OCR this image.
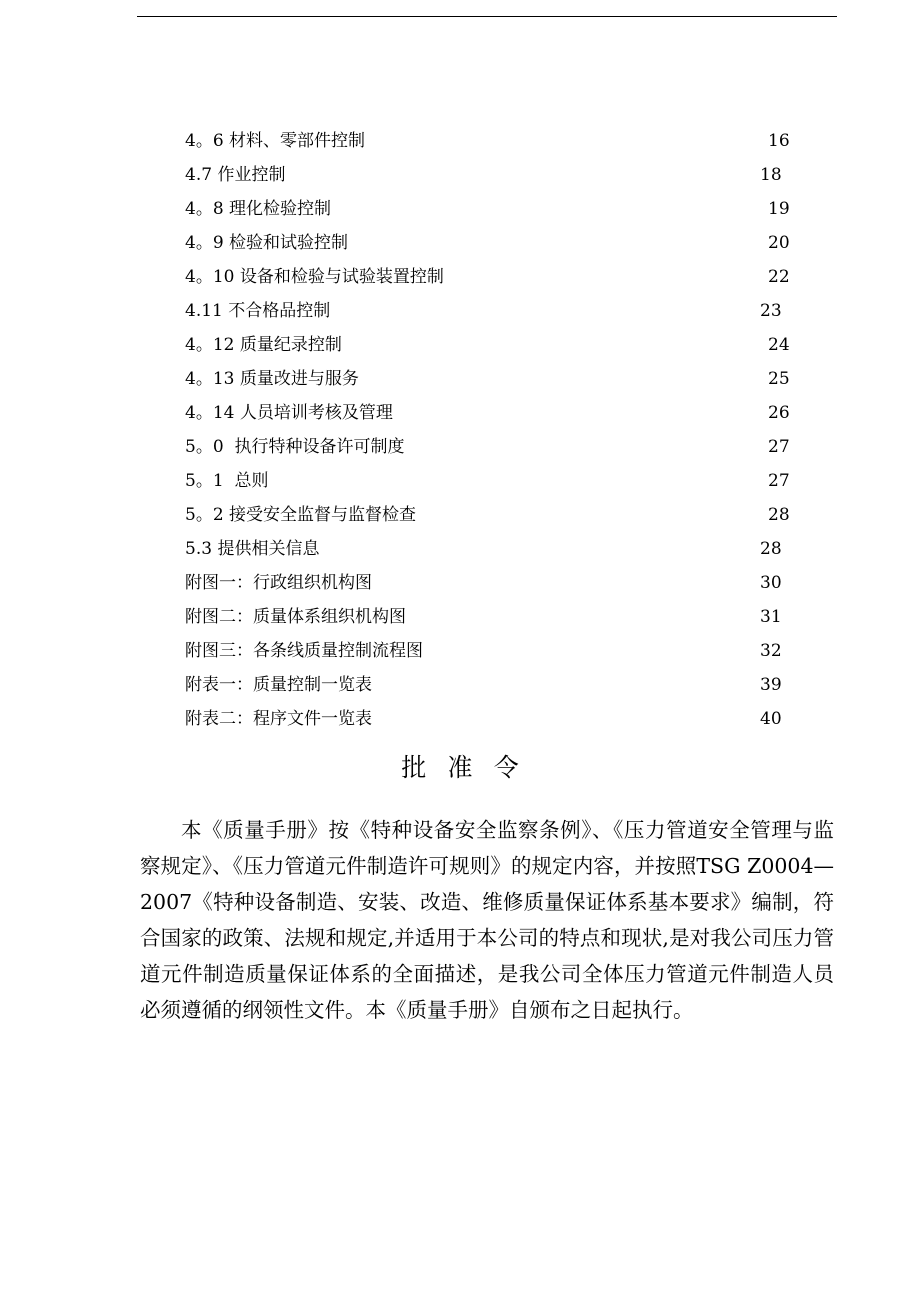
4。6 材料、零部件控制	16
4.7 作业控制	18
4。8 理化检验控制	19
4。9 检验和试验控制	20
4。10 设备和检验与试验装置控制	22
4.11 不合格品控制	23
4。12 质量纪录控制	24
4。13 质量改进与服务	25
4。14 人员培训考核及管理	26
5。0  执行特种设备许可制度	27
5。1  总则	27
5。2 接受安全监督与监督检查	28
5.3 提供相关信息	28
附图一：行政组织机构图	30
附图二：质量体系组织机构图	31
附图三：各条线质量控制流程图	32
附表一：质量控制一览表	39
附表二：程序文件一览表	40
批准令

本《质量手册》按《特种设备安全监察条例》、《压力管道安全管理与监察规定》、《压力管道元件制造许可规则》的规定内容，并按照TSG Z0004—2007《特种设备制造、安装、改造、维修质量保证体系基本要求》编制，符合国家的政策、法规和规定,并适用于本公司的特点和现状,是对我公司压力管道元件制造质量保证体系的全面描述，是我公司全体压力管道元件制造人员必须遵循的纲领性文件。本《质量手册》自颁布之日起执行。
